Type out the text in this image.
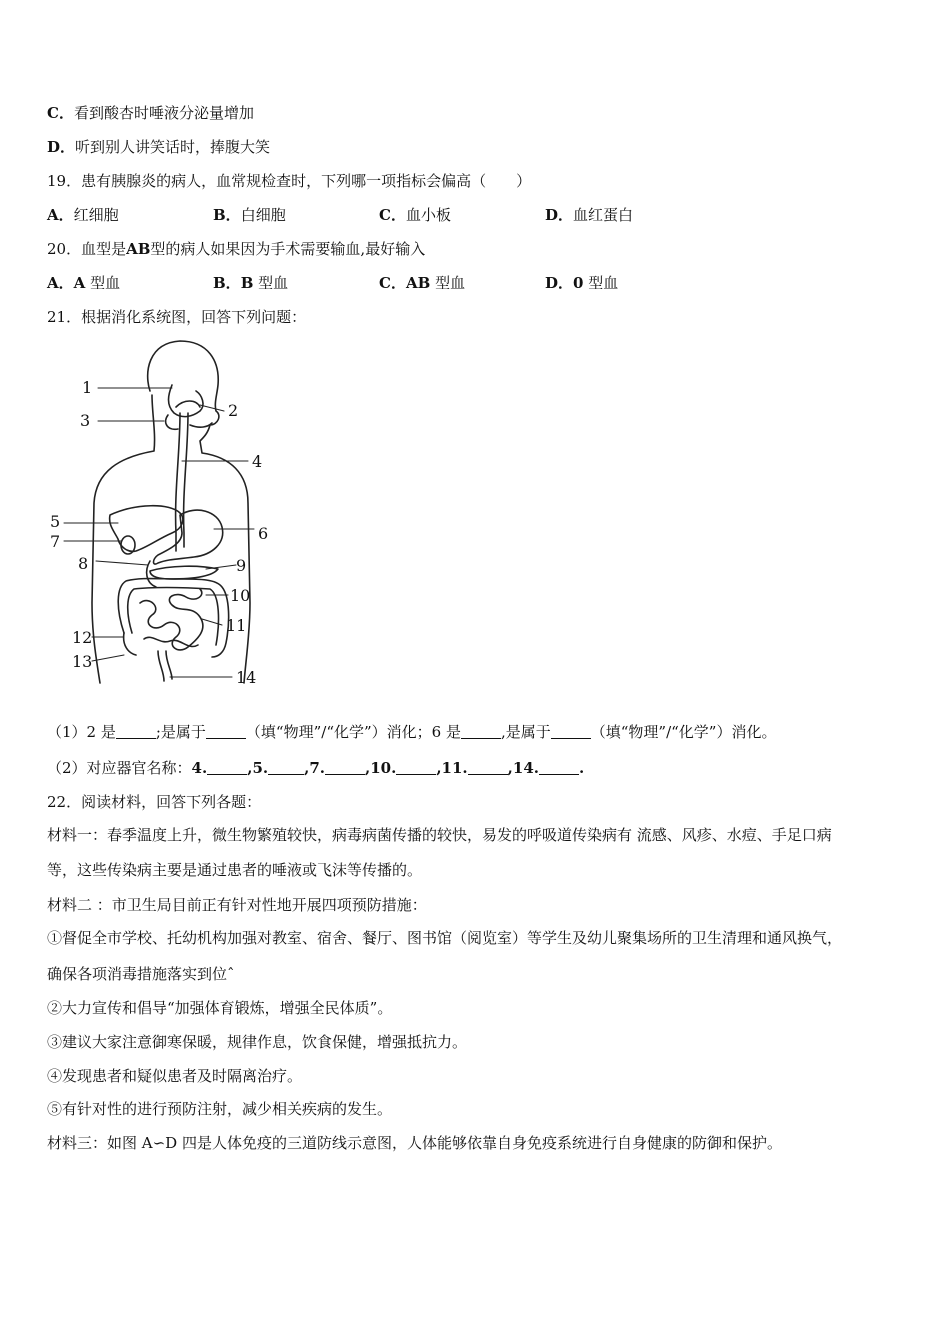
C．看到酸杏时唾液分泌量增加
D．听到别人讲笑话时，捧腹大笑
19．患有胰腺炎的病人，血常规检查时，下列哪一项指标会偏高（　　）
A．红细胞	B．白细胞	C．血小板	D．血红蛋白
20．血型是AB型的病人如果因为手术需要输血,最好输入
A．A 型血	B．B 型血	C．AB 型血	D．0 型血
21．根据消化系统图，回答下列问题：
1
2
3
4
5
6
7
8	9
10
11
12
13
14
（1）2 是	;是属于	（填“物理”/“化学”）消化；6 是	,是属于	（填“物理”/“化学”）消化。
（2）对应器官名称：4.	,5. ,7.	,10.	,11.	,14.	.
22．阅读材料，回答下列各题：
材料一：春季温度上升，微生物繁殖较快，病毒病菌传播的较快，易发的呼吸道传染病有 流感、风疹、水痘、手足口病
等，这些传染病主要是通过患者的唾液或飞沫等传播的。
材料二 ：市卫生局目前正有针对性地开展四项预防措施：
①督促全市学校、托幼机构加强对教室、宿舍、餐厅、图书馆（阅览室）等学生及幼儿聚集场所的卫生清理和通风换气，
确保各项消毒措施落实到位ˆ
②大力宣传和倡导“加强体育锻炼，增强全民体质”。
③建议大家注意御寒保暖，规律作息，饮食保健，增强抵抗力。
④发现患者和疑似患者及时隔离治疗。
⑤有针对性的进行预防注射，减少相关疾病的发生。
材料三：如图 A∽D 四是人体免疫的三道防线示意图，人体能够依靠自身免疫系统进行自身健康的防御和保护。
